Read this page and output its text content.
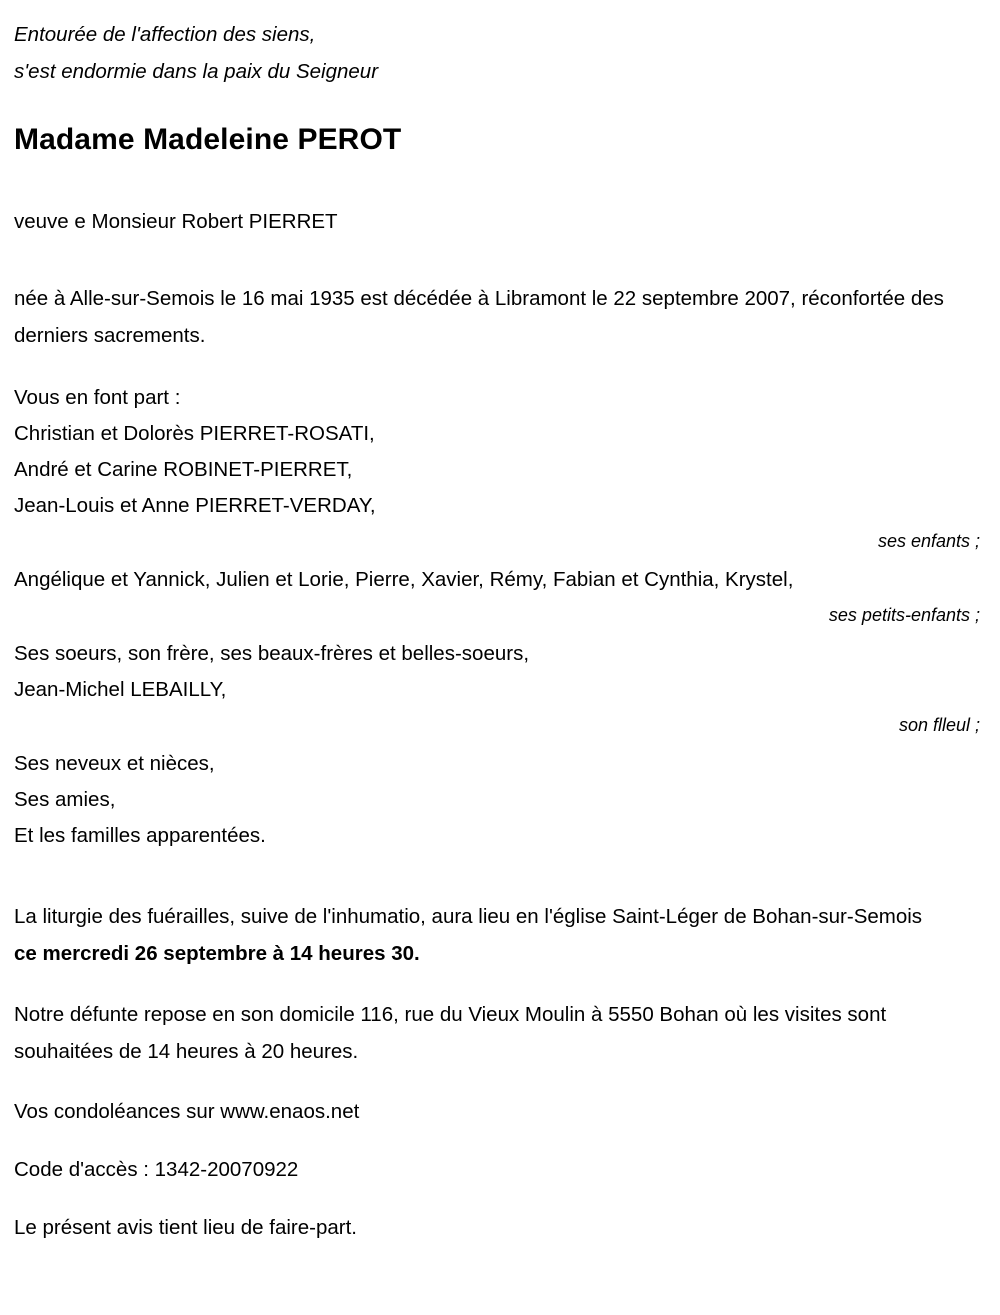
Entourée de l'affection des siens,
s'est endormie dans la paix du Seigneur
Madame Madeleine PEROT
veuve e Monsieur Robert PIERRET
née à Alle-sur-Semois le 16 mai 1935 est décédée à Libramont le 22 septembre 2007, réconfortée des derniers sacrements.
Vous en font part :
Christian et Dolorès PIERRET-ROSATI,
André et Carine ROBINET-PIERRET,
Jean-Louis et Anne PIERRET-VERDAY,
ses enfants ;
Angélique et Yannick, Julien et Lorie, Pierre, Xavier, Rémy, Fabian et Cynthia, Krystel,
ses petits-enfants ;
Ses soeurs, son frère, ses beaux-frères et belles-soeurs,
Jean-Michel LEBAILLY,
son flleul ;
Ses neveux et nièces,
Ses amies,
Et les familles apparentées.
La liturgie des fuérailles, suive de l'inhumatio, aura lieu en l'église Saint-Léger de Bohan-sur-Semois ce mercredi 26 septembre à 14 heures 30.
Notre défunte repose en son domicile 116, rue du Vieux Moulin à 5550 Bohan où les visites sont souhaitées de 14 heures à 20 heures.
Vos condoléances sur www.enaos.net
Code d'accès : 1342-20070922
Le présent avis tient lieu de faire-part.
